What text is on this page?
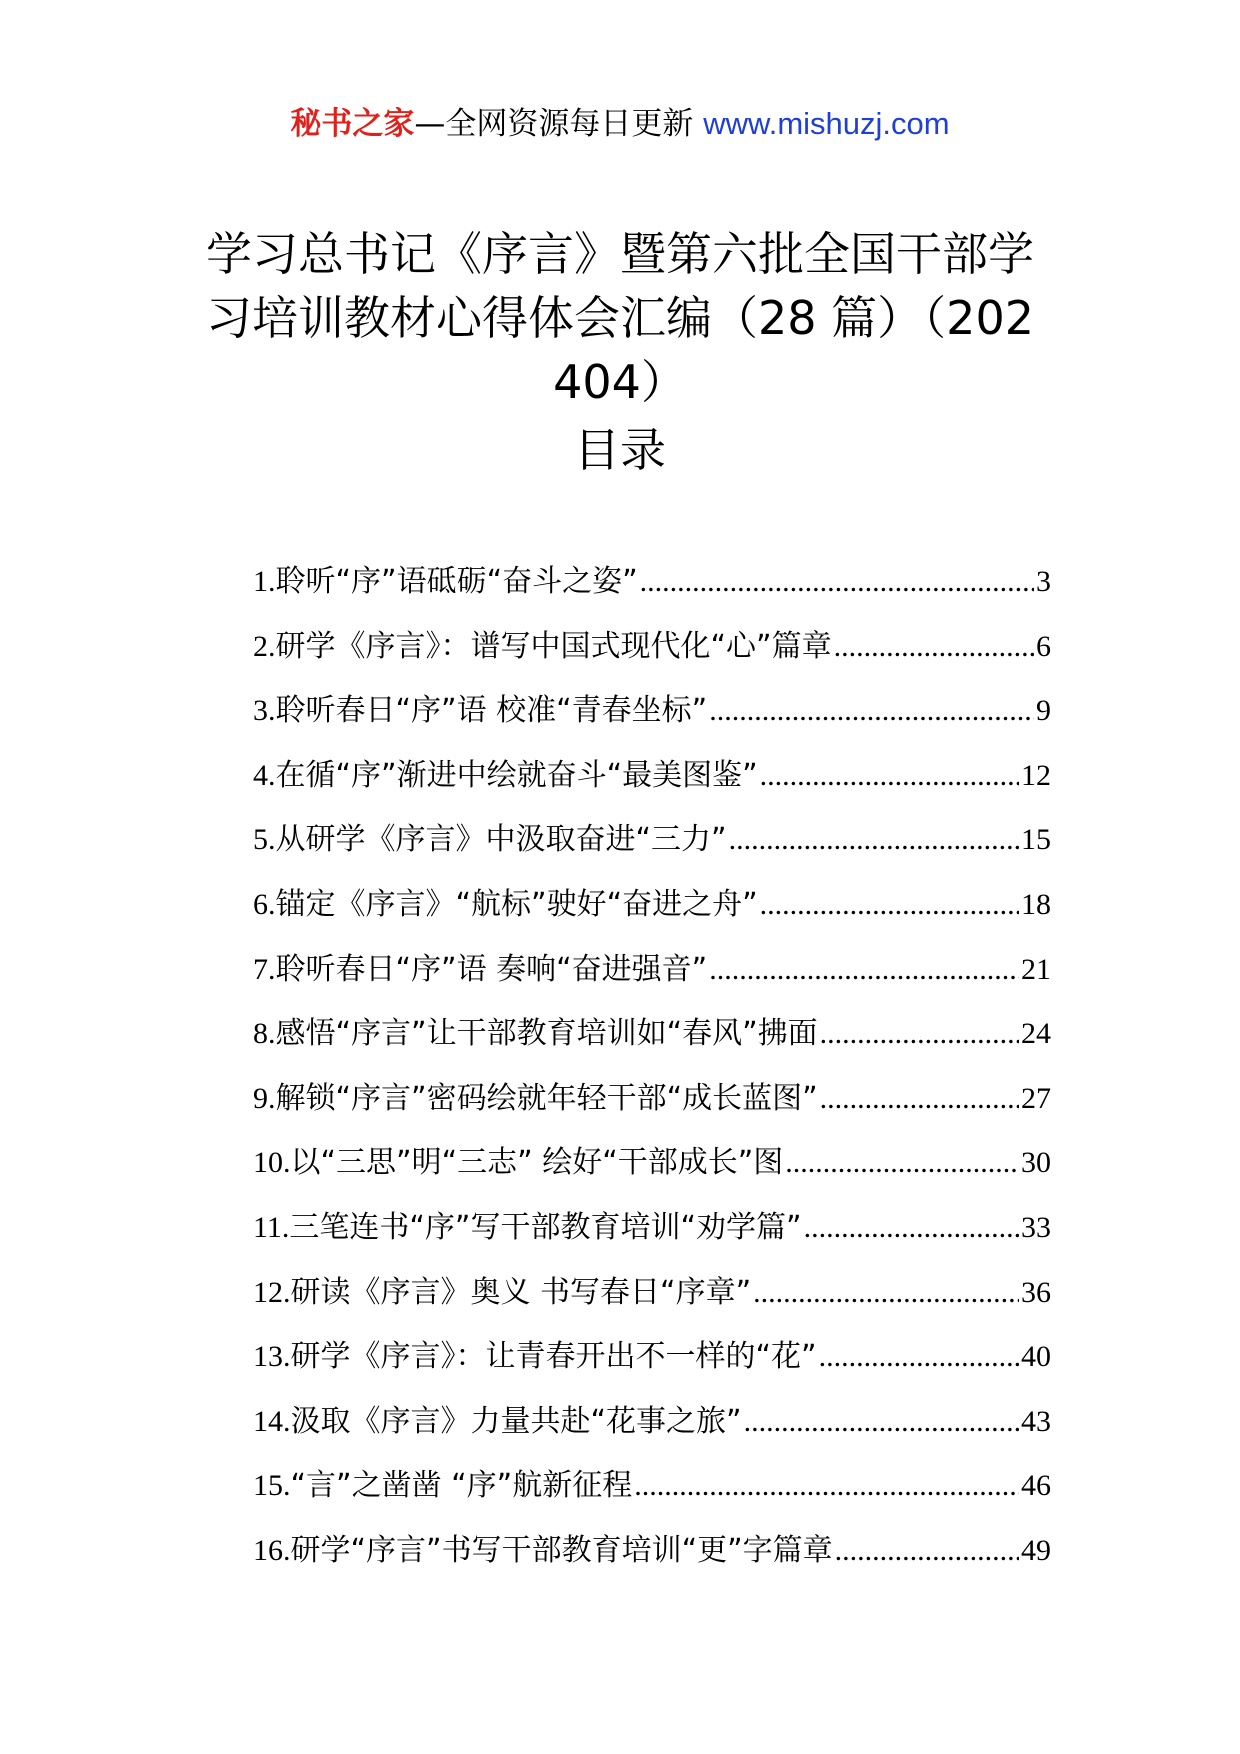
秘书之家—全网资源每日更新 www.mishuzj.com
学习总书记《序言》暨第六批全国干部学
习培训教材心得体会汇编（28 篇）（202
404）
目录
1. 聆听“序”语砥砺“奋斗之姿” .....	3
2. 研学《序言》：谱写中国式现代化“心”篇章 .....	6
3. 聆听春日“序”语 校准“青春坐标” .....	9
4. 在循“序”渐进中绘就奋斗“最美图鉴” .....	12
5. 从研学《序言》中汲取奋进“三力” .....	15
6. 锚定《序言》“航标”驶好“奋进之舟” .....	18
7. 聆听春日“序”语 奏响“奋进强音” .....	21
8. 感悟“序言”让干部教育培训如“春风”拂面 .....	24
9. 解锁“序言”密码绘就年轻干部“成长蓝图” .....	27
10. 以“三思”明“三志” 绘好“干部成长”图 .....	30
11. 三笔连书“序”写干部教育培训“劝学篇” .....	33
12. 研读《序言》奥义 书写春日“序章” .....	36
13. 研学《序言》：让青春开出不一样的“花” .....	40
14. 汲取《序言》力量共赴“花事之旅” .....	43
15. “言”之凿凿 “序”航新征程 .....	46
16. 研学“序言”书写干部教育培训“更”字篇章 .....	49
